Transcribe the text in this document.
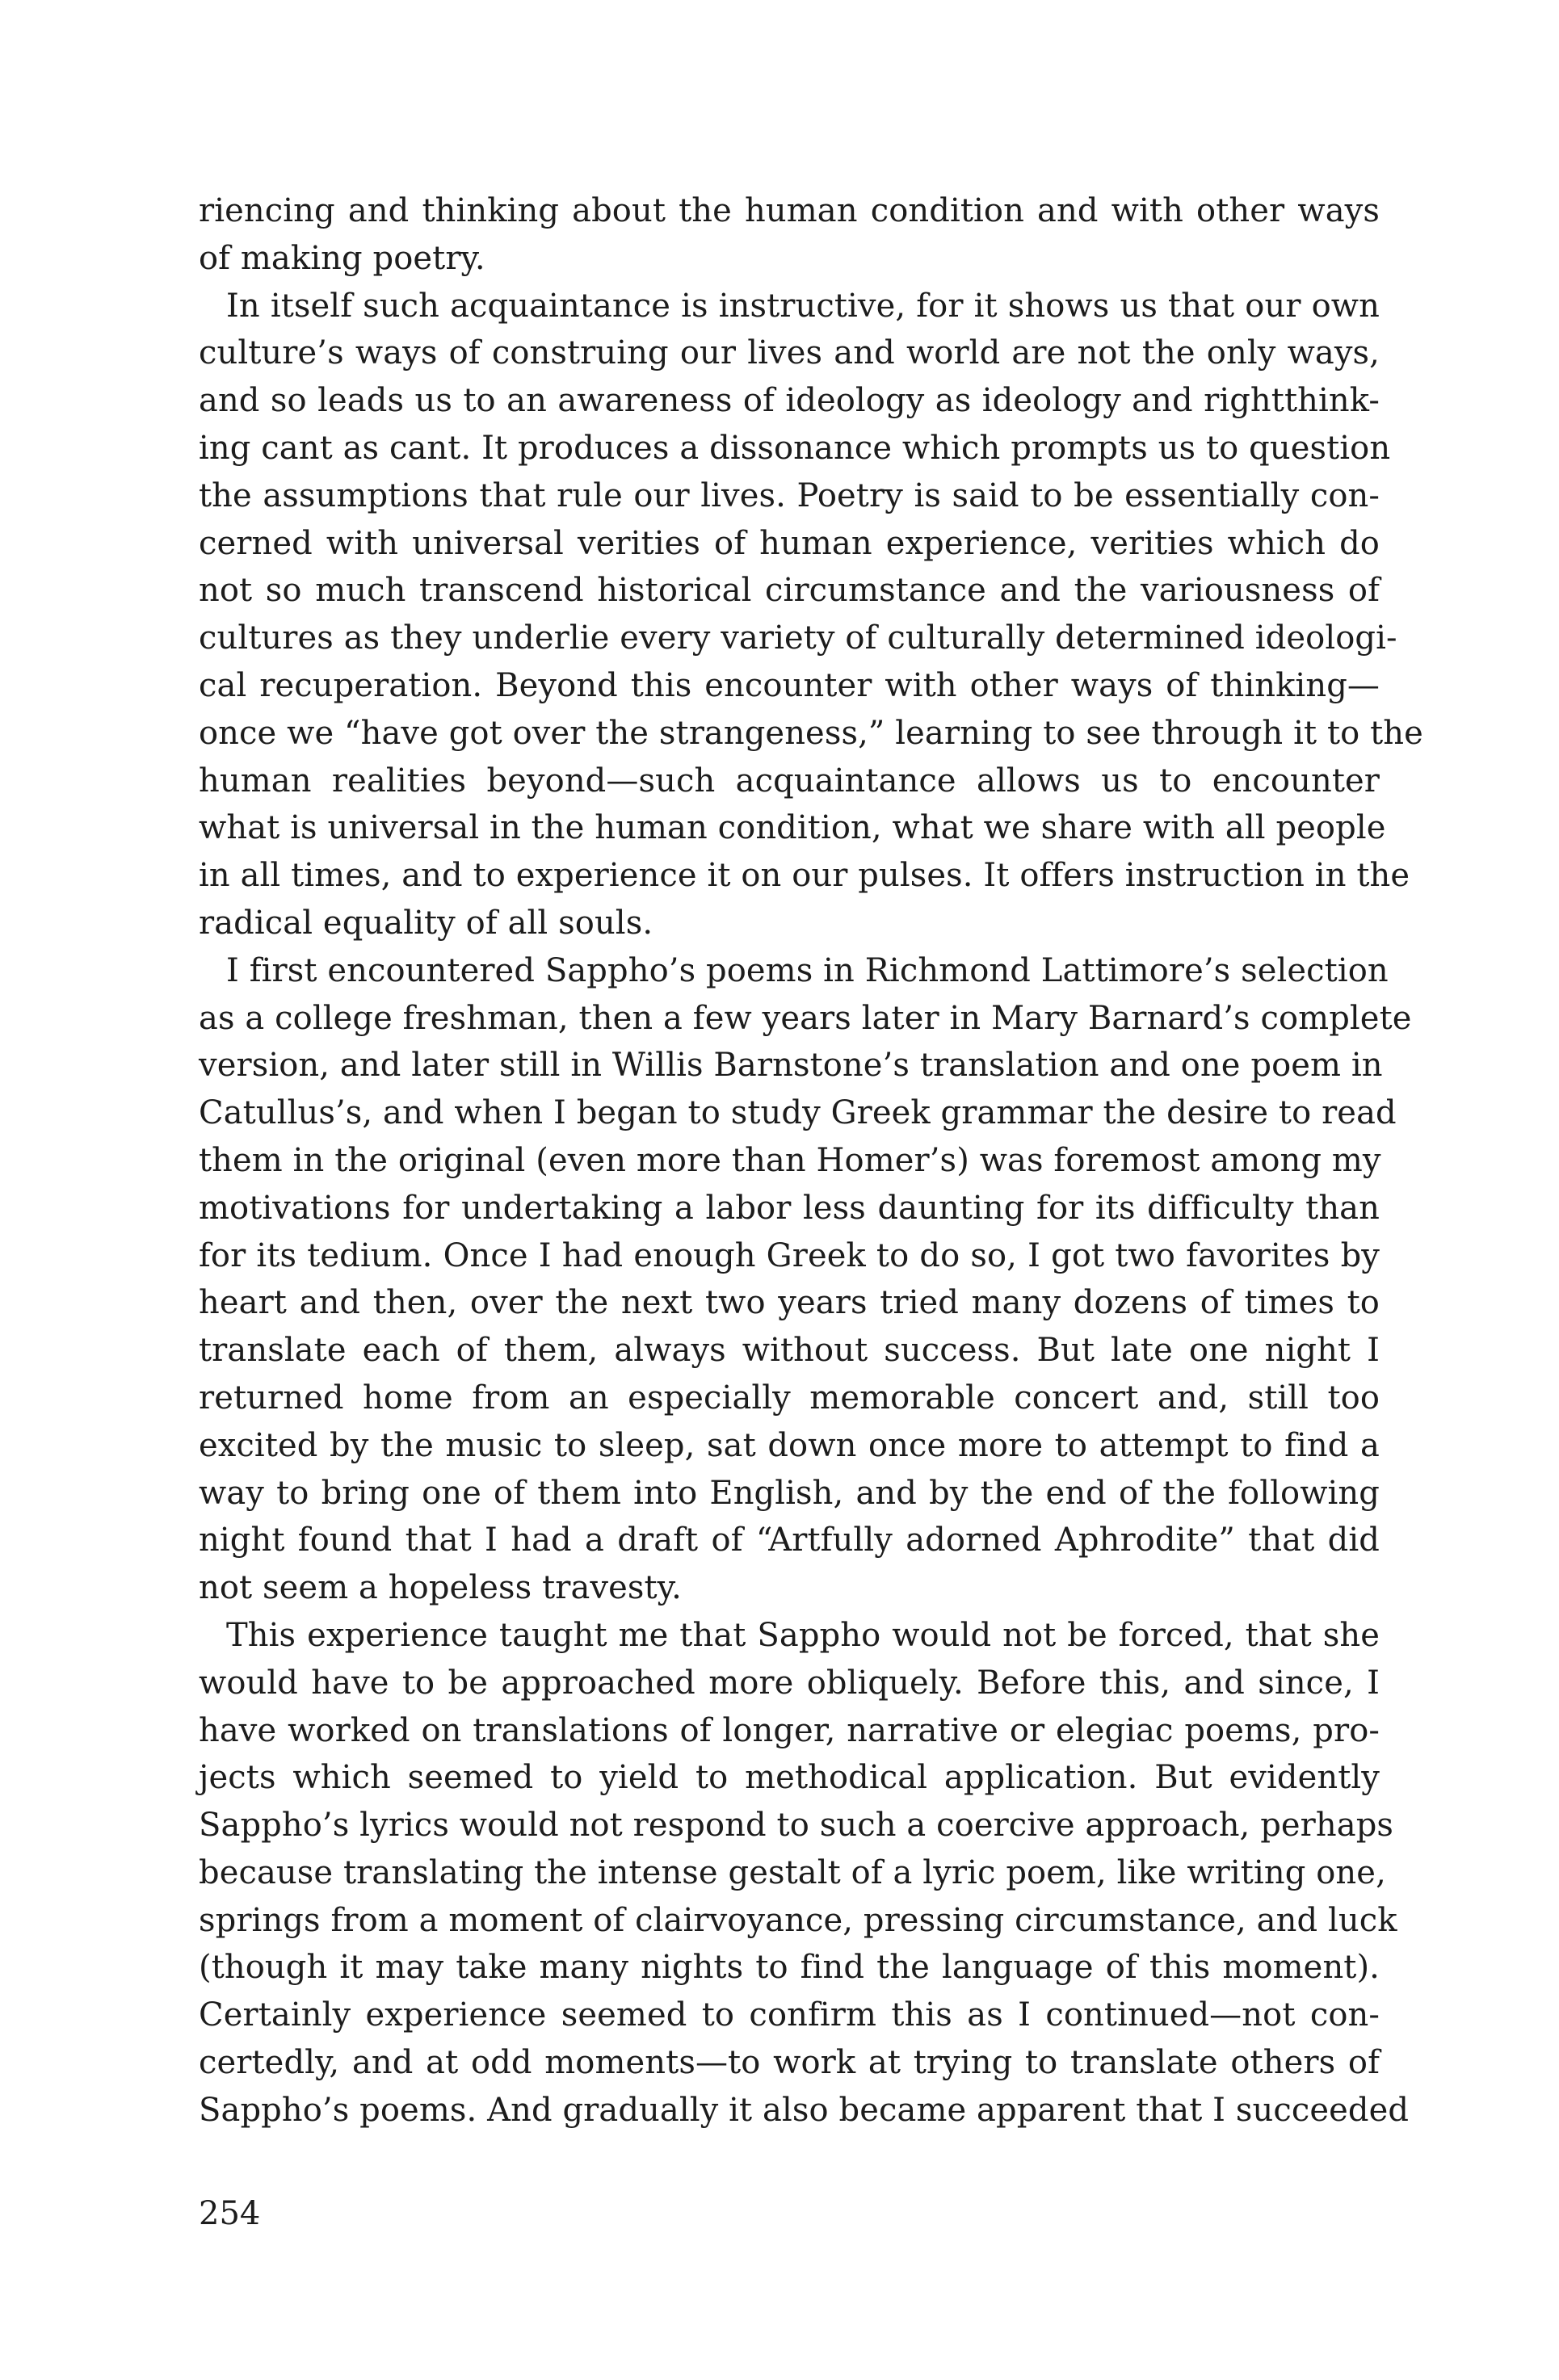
riencing and thinking about the human condition and with other ways
of making poetry.
In itself such acquaintance is instructive, for it shows us that our own
culture’s ways of construing our lives and world are not the only ways,
and so leads us to an awareness of ideology as ideology and rightthink-
ing cant as cant. It produces a dissonance which prompts us to question
the assumptions that rule our lives. Poetry is said to be essentially con-
cerned with universal verities of human experience, verities which do
not so much transcend historical circumstance and the variousness of
cultures as they underlie every variety of culturally determined ideologi-
cal recuperation. Beyond this encounter with other ways of thinking—
once we “have got over the strangeness,” learning to see through it to the
human realities beyond—such acquaintance allows us to encounter
what is universal in the human condition, what we share with all people
in all times, and to experience it on our pulses. It offers instruction in the
radical equality of all souls.
I first encountered Sappho’s poems in Richmond Lattimore’s selection
as a college freshman, then a few years later in Mary Barnard’s complete
version, and later still in Willis Barnstone’s translation and one poem in
Catullus’s, and when I began to study Greek grammar the desire to read
them in the original (even more than Homer’s) was foremost among my
motivations for undertaking a labor less daunting for its difficulty than
for its tedium. Once I had enough Greek to do so, I got two favorites by
heart and then, over the next two years tried many dozens of times to
translate each of them, always without success. But late one night I
returned home from an especially memorable concert and, still too
excited by the music to sleep, sat down once more to attempt to find a
way to bring one of them into English, and by the end of the following
night found that I had a draft of “Artfully adorned Aphrodite” that did
not seem a hopeless travesty.
This experience taught me that Sappho would not be forced, that she
would have to be approached more obliquely. Before this, and since, I
have worked on translations of longer, narrative or elegiac poems, pro-
jects which seemed to yield to methodical application. But evidently
Sappho’s lyrics would not respond to such a coercive approach, perhaps
because translating the intense gestalt of a lyric poem, like writing one,
springs from a moment of clairvoyance, pressing circumstance, and luck
(though it may take many nights to find the language of this moment).
Certainly experience seemed to confirm this as I continued—not con-
certedly, and at odd moments—to work at trying to translate others of
Sappho’s poems. And gradually it also became apparent that I succeeded
254
